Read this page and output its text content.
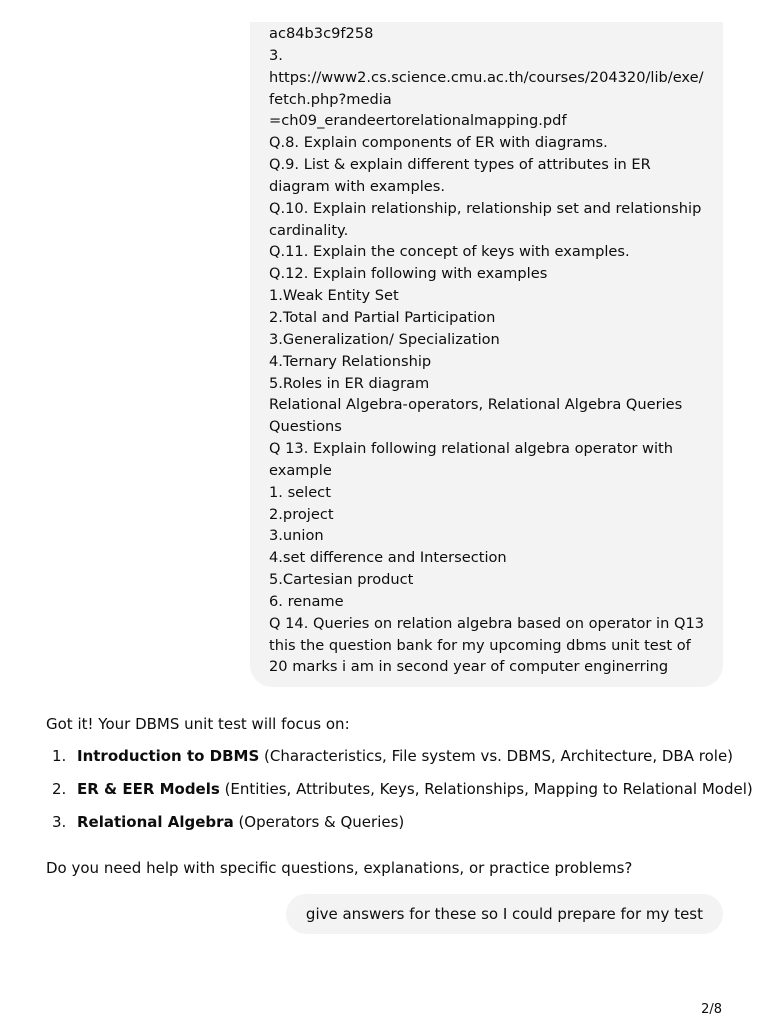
ac84b3c9f258
3.
https://www2.cs.science.cmu.ac.th/courses/204320/lib/exe/
fetch.php?media
=ch09_erandeertorelationalmapping.pdf
Q.8. Explain components of ER with diagrams.
Q.9. List & explain different types of attributes in ER
diagram with examples.
Q.10. Explain relationship, relationship set and relationship
cardinality.
Q.11. Explain the concept of keys with examples.
Q.12. Explain following with examples
1.Weak Entity Set
2.Total and Partial Participation
3.Generalization/ Specialization
4.Ternary Relationship
5.Roles in ER diagram
Relational Algebra-operators, Relational Algebra Queries
Questions
Q 13. Explain following relational algebra operator with
example
1. select
2.project
3.union
4.set difference and Intersection
5.Cartesian product
6. rename
Q 14. Queries on relation algebra based on operator in Q13
this the question bank for my upcoming dbms unit test of
20 marks i am in second year of computer enginerring

Got it! Your DBMS unit test will focus on:

1. Introduction to DBMS (Characteristics, File system vs. DBMS, Architecture, DBA role)
2. ER & EER Models (Entities, Attributes, Keys, Relationships, Mapping to Relational Model)
3. Relational Algebra (Operators & Queries)

Do you need help with specific questions, explanations, or practice problems?

give answers for these so I could prepare for my test
2/8
